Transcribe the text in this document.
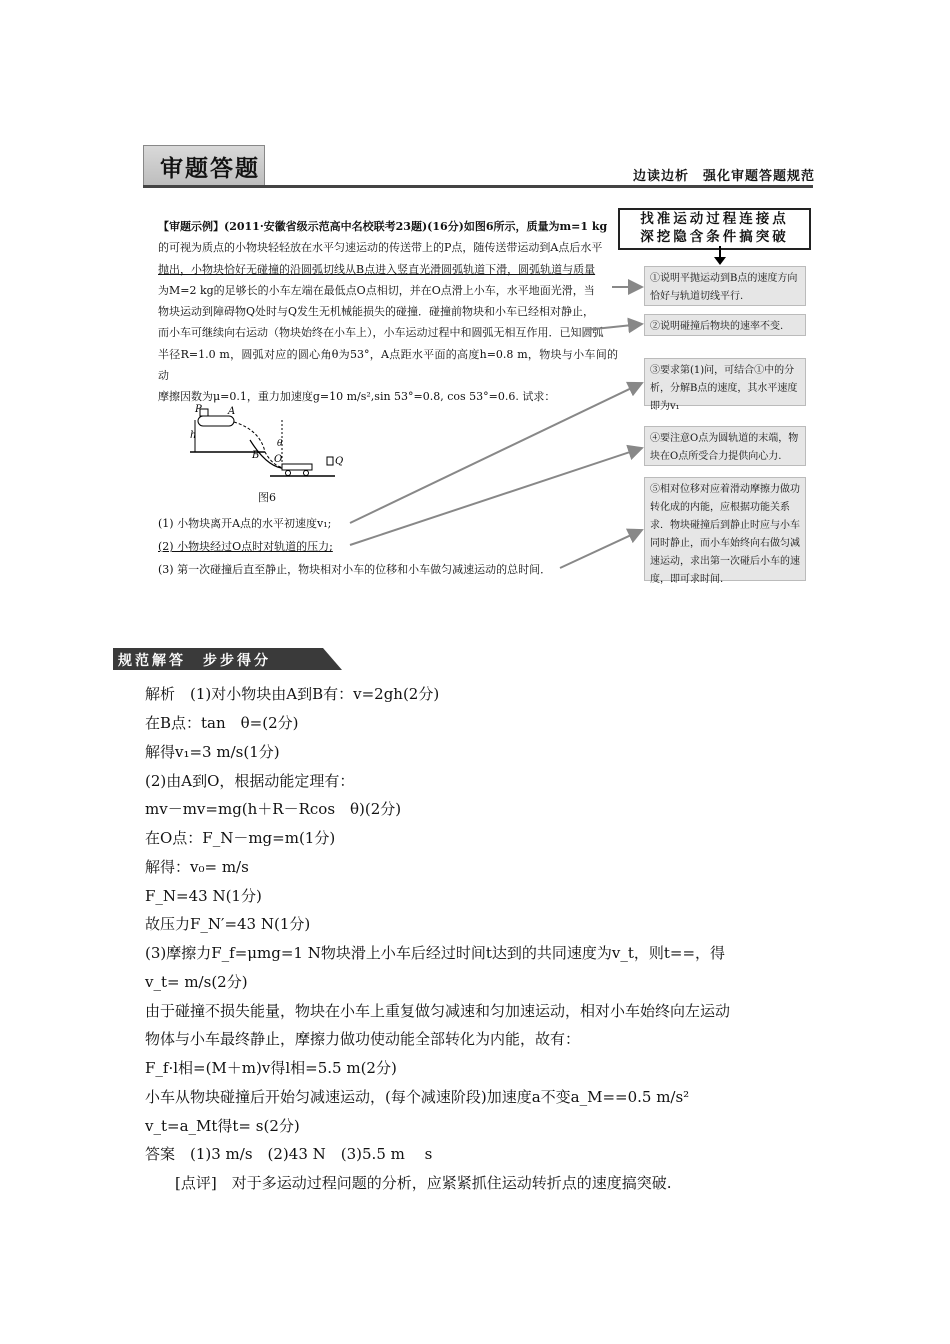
审题答题	边读边析　强化审题答题规范
【审题示例】(2011·安徽省级示范高中名校联考23题)(16分)如图6所示，质量为m=1 kg
的可视为质点的小物块轻轻放在水平匀速运动的传送带上的P点，随传送带运动到A点后水平
抛出，小物块恰好无碰撞的沿圆弧切线从B点进入竖直光滑圆弧轨道下滑，圆弧轨道与质量
为M=2 kg的足够长的小车左端在最低点O点相切，并在O点滑上小车，水平地面光滑，当
物块运动到障碍物Q处时与Q发生无机械能损失的碰撞．碰撞前物块和小车已经相对静止，
而小车可继续向右运动（物块始终在小车上），小车运动过程中和圆弧无相互作用．已知圆弧
半径R=1.0 m，圆弧对应的圆心角θ为53°，A点距水平面的高度h=0.8 m，物块与小车间的动
摩擦因数为μ=0.1，重力加速度g=10 m/s²,sin 53°=0.8, cos 53°=0.6. 试求：
P	A
h
θ
B O	Q
图6
(1) 小物块离开A点的水平初速度v₁;
(2) 小物块经过O点时对轨道的压力;
(3) 第一次碰撞后直至静止，物块相对小车的位移和小车做匀减速运动的总时间．
找准运动过程连接点
深挖隐含条件搞突破
①说明平抛运动到B点的速度方向恰好与轨道切线平行.
②说明碰撞后物块的速率不变.
③要求第(1)问，可结合①中的分析，分解B点的速度，其水平速度即为v₁
④要注意O点为圆轨道的末端，物块在O点所受合力提供向心力.
⑤相对位移对应着滑动摩擦力做功转化成的内能，应根据功能关系求．物块碰撞后到静止时应与小车同时静止，而小车始终向右做匀减速运动，求出第一次碰后小车的速度，即可求时间.
规范解答　步步得分
解析　(1)对小物块由A到B有：v=2gh(2分)
在B点：tan　θ=(2分)
解得v₁=3 m/s(1分)
(2)由A到O，根据动能定理有：
mv－mv=mg(h＋R－Rcos　θ)(2分)
在O点：F_N－mg=m(1分)
解得：v₀= m/s
F_N=43 N(1分)
故压力F_N′=43 N(1分)
(3)摩擦力F_f=μmg=1 N物块滑上小车后经过时间t达到的共同速度为v_t，则t==，得
v_t= m/s(2分)
由于碰撞不损失能量，物块在小车上重复做匀减速和匀加速运动，相对小车始终向左运动
物体与小车最终静止，摩擦力做功使动能全部转化为内能，故有：
F_f·l相=(M＋m)v得l相=5.5 m(2分)
小车从物块碰撞后开始匀减速运动，(每个减速阶段)加速度a不变a_M==0.5 m/s²
v_t=a_Mt得t= s(2分)
答案　(1)3 m/s　(2)43 N　(3)5.5 m　 s
　　[点评]　对于多运动过程问题的分析，应紧紧抓住运动转折点的速度搞突破.
